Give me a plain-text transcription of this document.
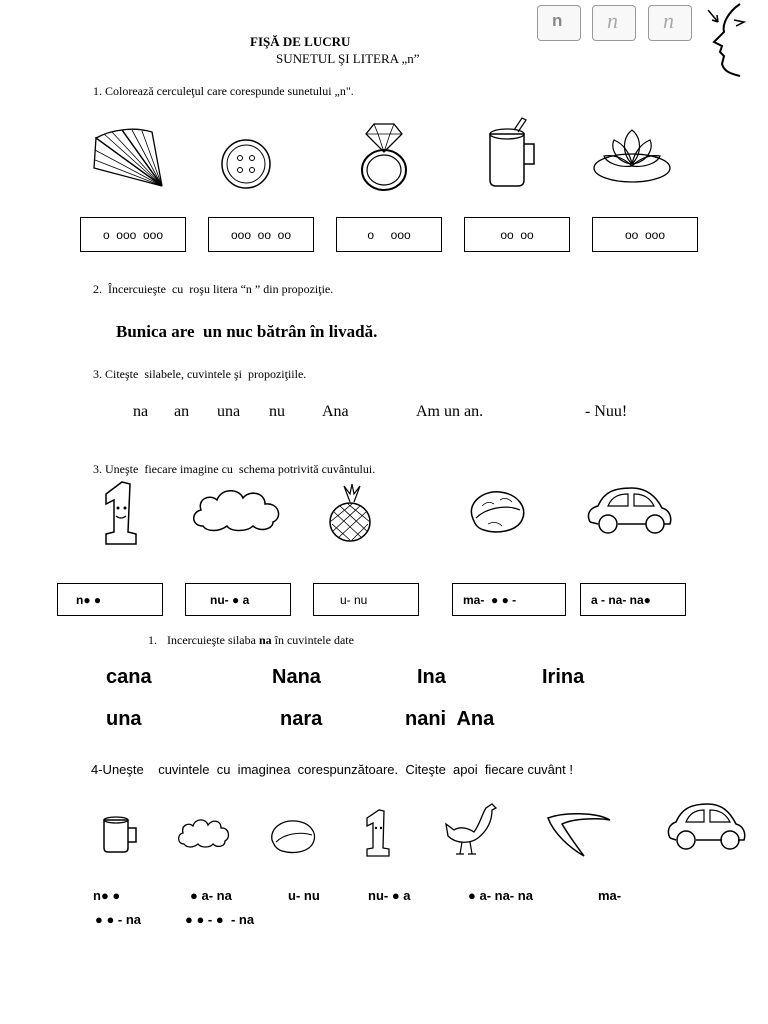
FIŞĂ DE LUCRU
SUNETUL ŞI LITERA „n”
n n n
1. Colorează cerculeţul care corespunde sunetului „n".
o  ooo  ooo	ooo  oo  oo	o     ooo	oo  oo	oo  ooo
2.  Încercuieşte  cu  roşu litera “n ” din propoziţie.
Bunica are  un nuc bătrân în livadă.
3. Citeşte  silabele, cuvintele şi  propoziţiile.
na an una nu Ana	Am un an.	- Nuu!
3. Uneşte  fiecare imagine cu  schema potrivită cuvântului.
n● ●	nu- ● a	u- nu	ma-  ● ● -	a - na- na●
1. Incercuieşte silaba na în cuvintele date
cana	Nana	Ina	Irina
una	nara	nani  Ana
4-Uneşte    cuvintele  cu  imaginea  corespunzătoare.  Citeşte  apoi  fiecare cuvânt !
n● ●	● a- na	u- nu	nu- ● a	● a- na- na	ma-
● ● - na	● ● - ●  - na
